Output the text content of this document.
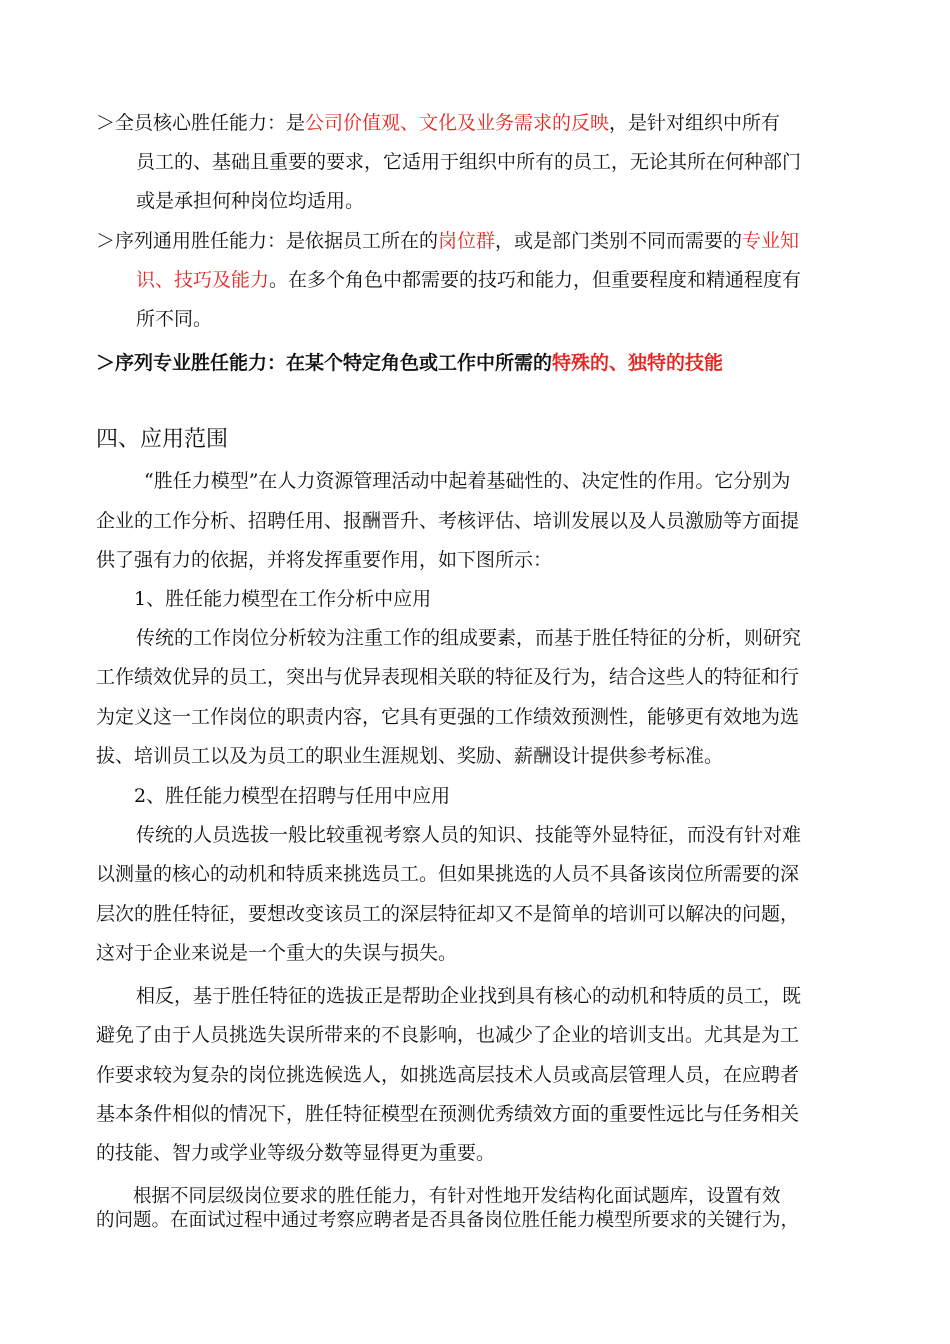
＞全员核心胜任能力：是公司价值观、文化及业务需求的反映，是针对组织中所有
员工的、基础且重要的要求，它适用于组织中所有的员工，无论其所在何种部门
或是承担何种岗位均适用。
＞序列通用胜任能力：是依据员工所在的岗位群，或是部门类别不同而需要的专业知
识、技巧及能力。在多个角色中都需要的技巧和能力，但重要程度和精通程度有
所不同。
＞序列专业胜任能力：在某个特定角色或工作中所需的特殊的、独特的技能
四、应用范围
“胜任力模型”在人力资源管理活动中起着基础性的、决定性的作用。它分别为
企业的工作分析、招聘任用、报酬晋升、考核评估、培训发展以及人员激励等方面提
供了强有力的依据，并将发挥重要作用，如下图所示：
1、胜任能力模型在工作分析中应用
传统的工作岗位分析较为注重工作的组成要素，而基于胜任特征的分析，则研究
工作绩效优异的员工，突出与优异表现相关联的特征及行为，结合这些人的特征和行
为定义这一工作岗位的职责内容，它具有更强的工作绩效预测性，能够更有效地为选
拔、培训员工以及为员工的职业生涯规划、奖励、薪酬设计提供参考标准。
2、胜任能力模型在招聘与任用中应用
传统的人员选拔一般比较重视考察人员的知识、技能等外显特征，而没有针对难
以测量的核心的动机和特质来挑选员工。但如果挑选的人员不具备该岗位所需要的深
层次的胜任特征，要想改变该员工的深层特征却又不是简单的培训可以解决的问题，
这对于企业来说是一个重大的失误与损失。
相反，基于胜任特征的选拔正是帮助企业找到具有核心的动机和特质的员工，既
避免了由于人员挑选失误所带来的不良影响，也减少了企业的培训支出。尤其是为工
作要求较为复杂的岗位挑选候选人，如挑选高层技术人员或高层管理人员，在应聘者
基本条件相似的情况下，胜任特征模型在预测优秀绩效方面的重要性远比与任务相关
的技能、智力或学业等级分数等显得更为重要。
根据不同层级岗位要求的胜任能力，有针对性地开发结构化面试题库，设置有效
的问题。在面试过程中通过考察应聘者是否具备岗位胜任能力模型所要求的关键行为，
